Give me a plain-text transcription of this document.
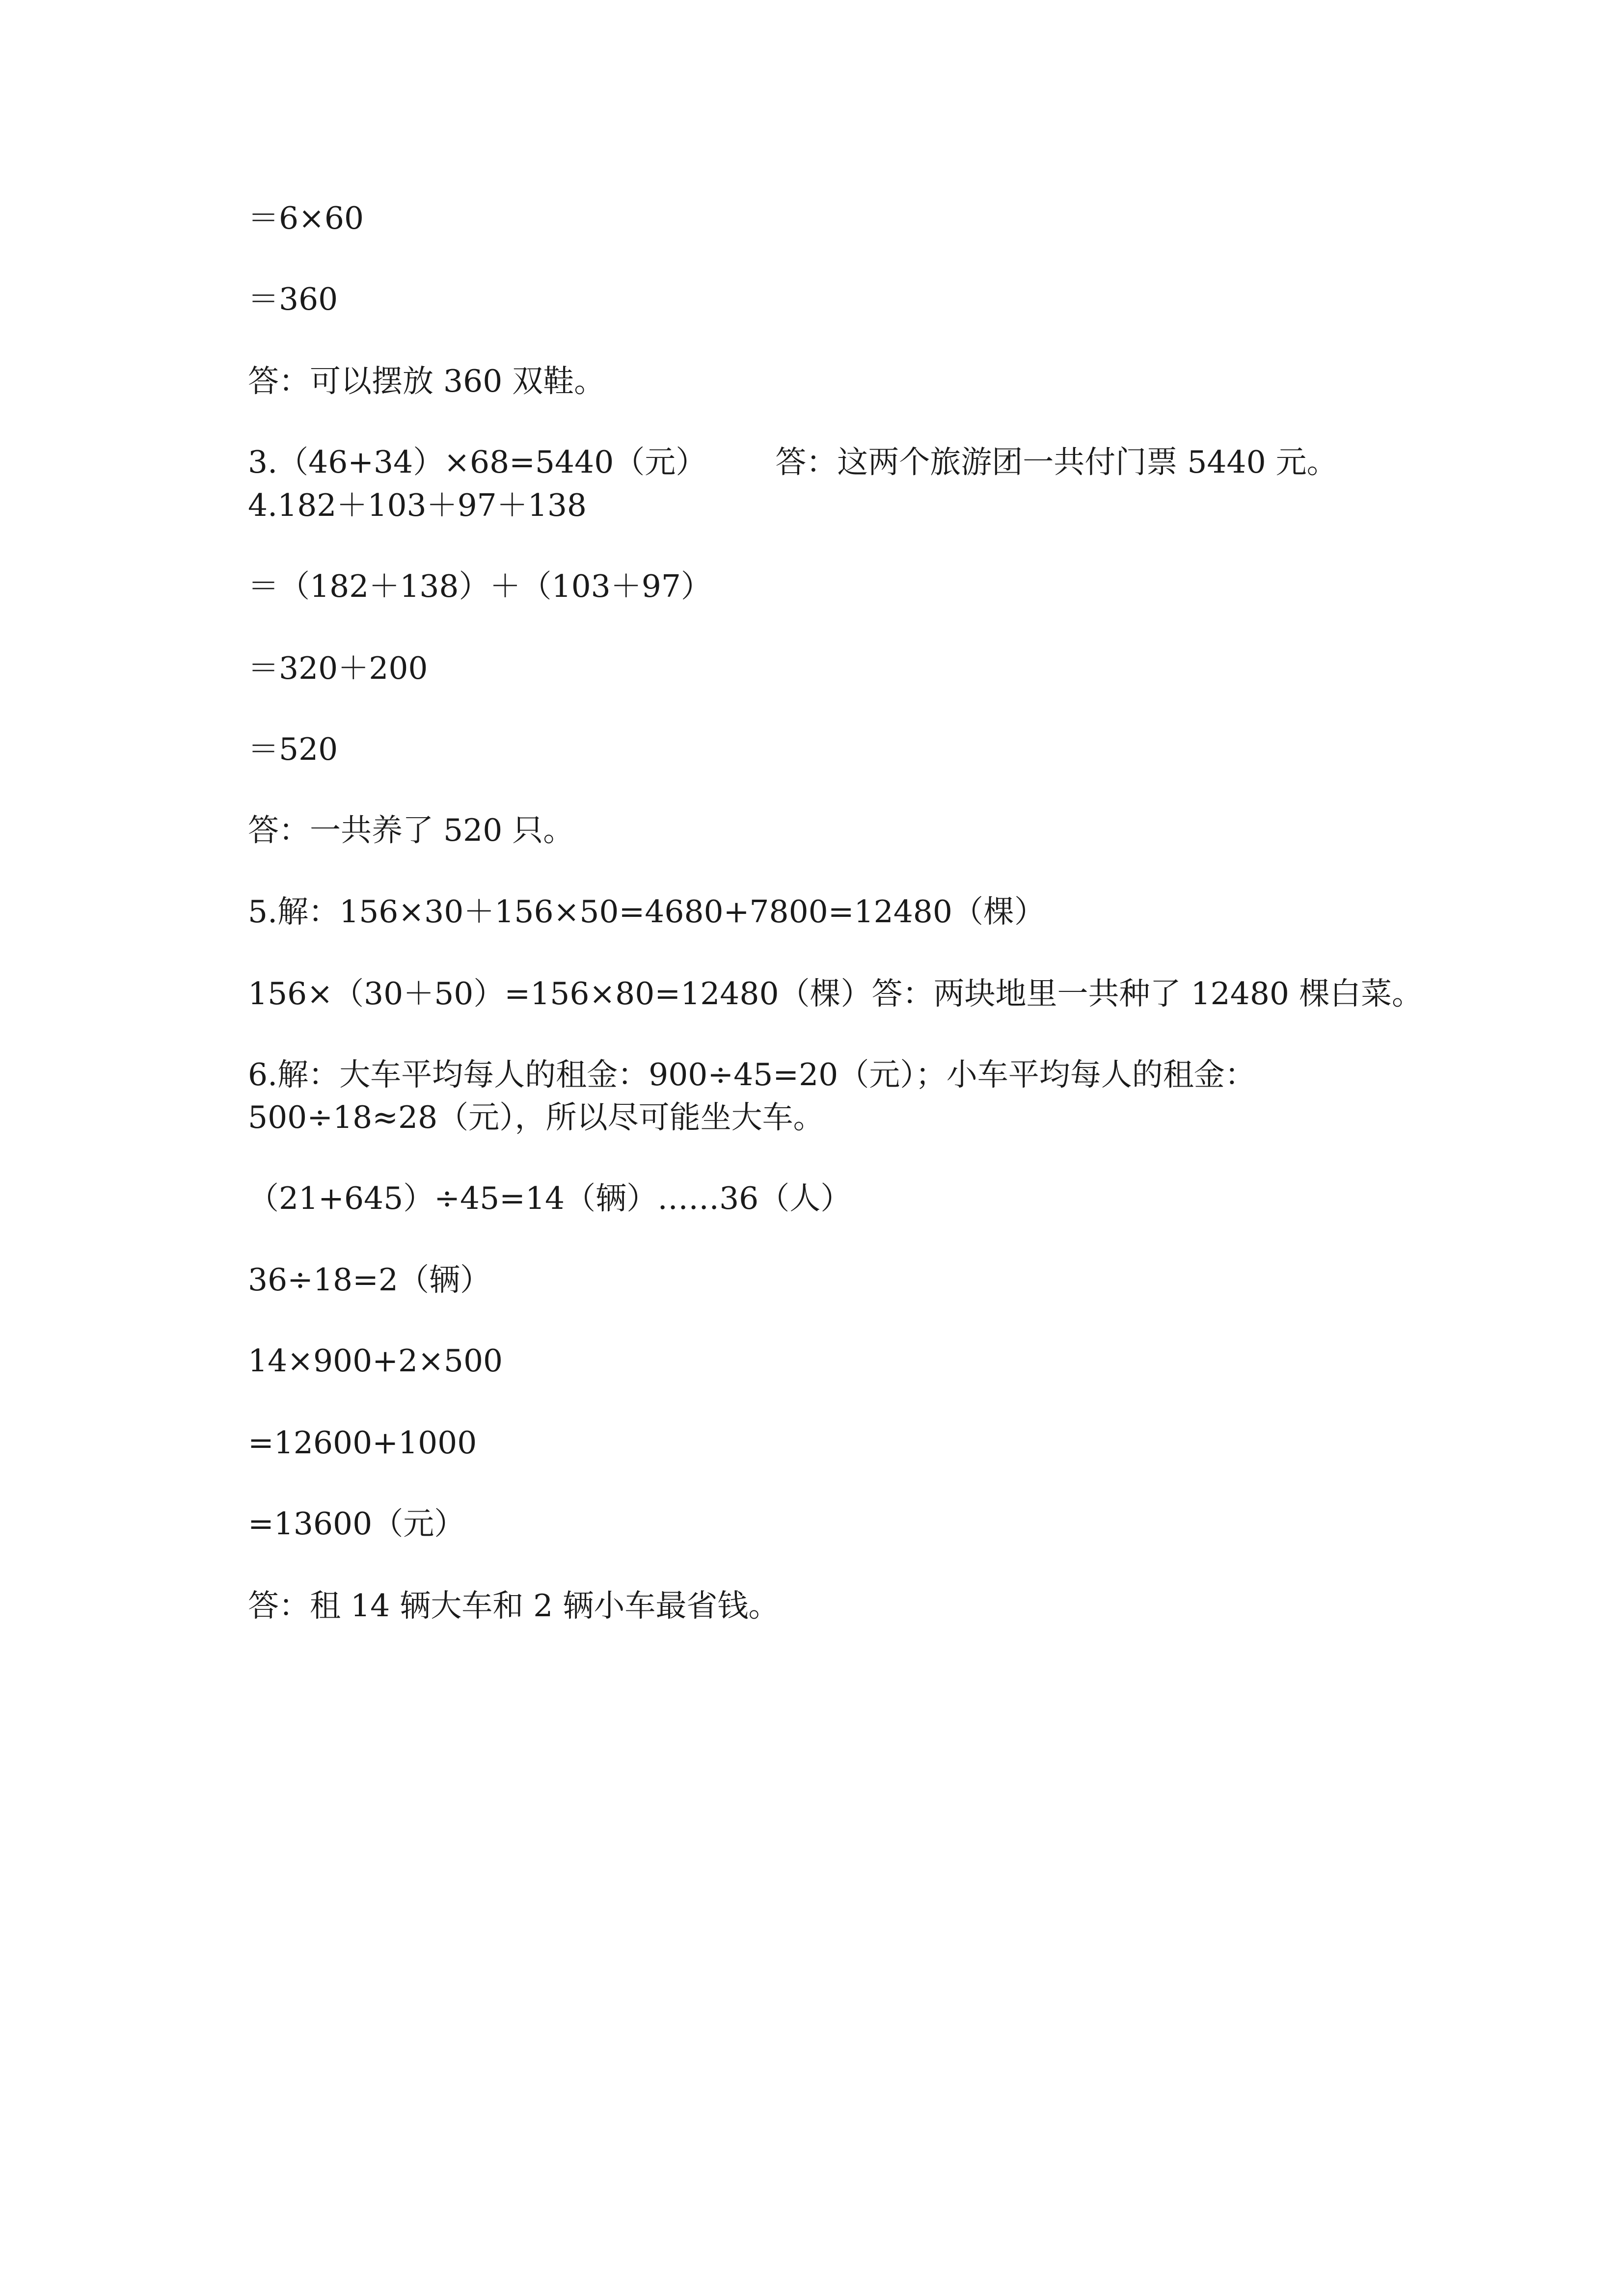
＝6×60
＝360
答：可以摆放 360 双鞋。
3.（46+34）×68=5440（元） 答：这两个旅游团一共付门票 5440 元。
4.182＋103＋97＋138
＝（182＋138）＋（103＋97）
＝320＋200
＝520
答：一共养了 520 只。
5.解：156×30＋156×50=4680+7800=12480（棵）
156×（30＋50）=156×80=12480（棵）答：两块地里一共种了 12480 棵白菜。
6.解：大车平均每人的租金：900÷45=20（元）；小车平均每人的租金：
500÷18≈28（元），所以尽可能坐大车。
（21+645）÷45=14（辆）……36（人）
36÷18=2（辆）
14×900+2×500
=12600+1000
=13600（元）
答：租 14 辆大车和 2 辆小车最省钱。
